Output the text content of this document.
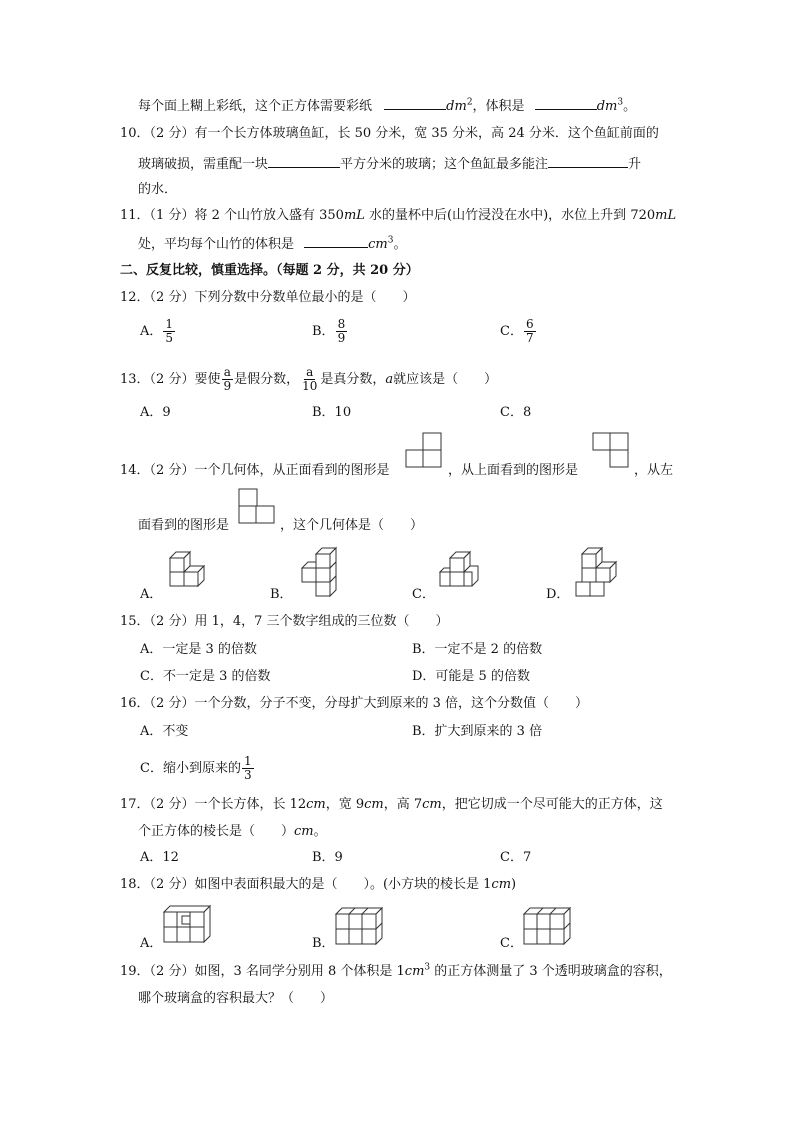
每个面上糊上彩纸，这个正方体需要彩纸	$dm^2$，体积是	$dm^3$。
10．（2 分）有一个长方体玻璃鱼缸，长 50 分米，宽 35 分米，高 24 分米．这个鱼缸前面的
玻璃破损，需重配一块	平方分米的玻璃；这个鱼缸最多能注	升
的水．
11．（1 分）将 2 个山竹放入盛有 350mL 水的量杯中后(山竹浸没在水中)，水位上升到 720mL
处，平均每个山竹的体积是	$cm^3$。
二、反复比较，慎重选择。（每题 2 分，共 20 分）
12．（2 分）下列分数中分数单位最小的是（　　）
A． $\frac{1}{5}$	B． $\frac{8}{9}$	C． $\frac{6}{7}$
13．（2 分）要使 $\frac{a}{9}$ 是假分数， $\frac{a}{10}$ 是真分数，a就应该是（　　）
A．9	B．10	C．8
14．（2 分）一个几何体，从正面看到的图形是	，从上面看到的图形是	，从左
面看到的图形是	，这个几何体是（　　）
A．	B．	C．	D．
15．（2 分）用 1，4，7 三个数字组成的三位数（　　）
A．一定是 3 的倍数	B．一定不是 2 的倍数
C．不一定是 3 的倍数	D．可能是 5 的倍数
16．（2 分）一个分数，分子不变，分母扩大到原来的 3 倍，这个分数值（　　）
A．不变	B．扩大到原来的 3 倍
C．缩小到原来的 $\frac{1}{3}$
17．（2 分）一个长方体，长 12cm，宽 9cm，高 7cm，把它切成一个尽可能大的正方体，这
个正方体的棱长是（　　）cm。
A．12	B．9	C．7
18．（2 分）如图中表面积最大的是（　　）。(小方块的棱长是 1cm)
A．	B．	C．
19．（2 分）如图，3 名同学分别用 8 个体积是 $1cm^3$ 的正方体测量了 3 个透明玻璃盒的容积，
哪个玻璃盒的容积最大？（　　）
